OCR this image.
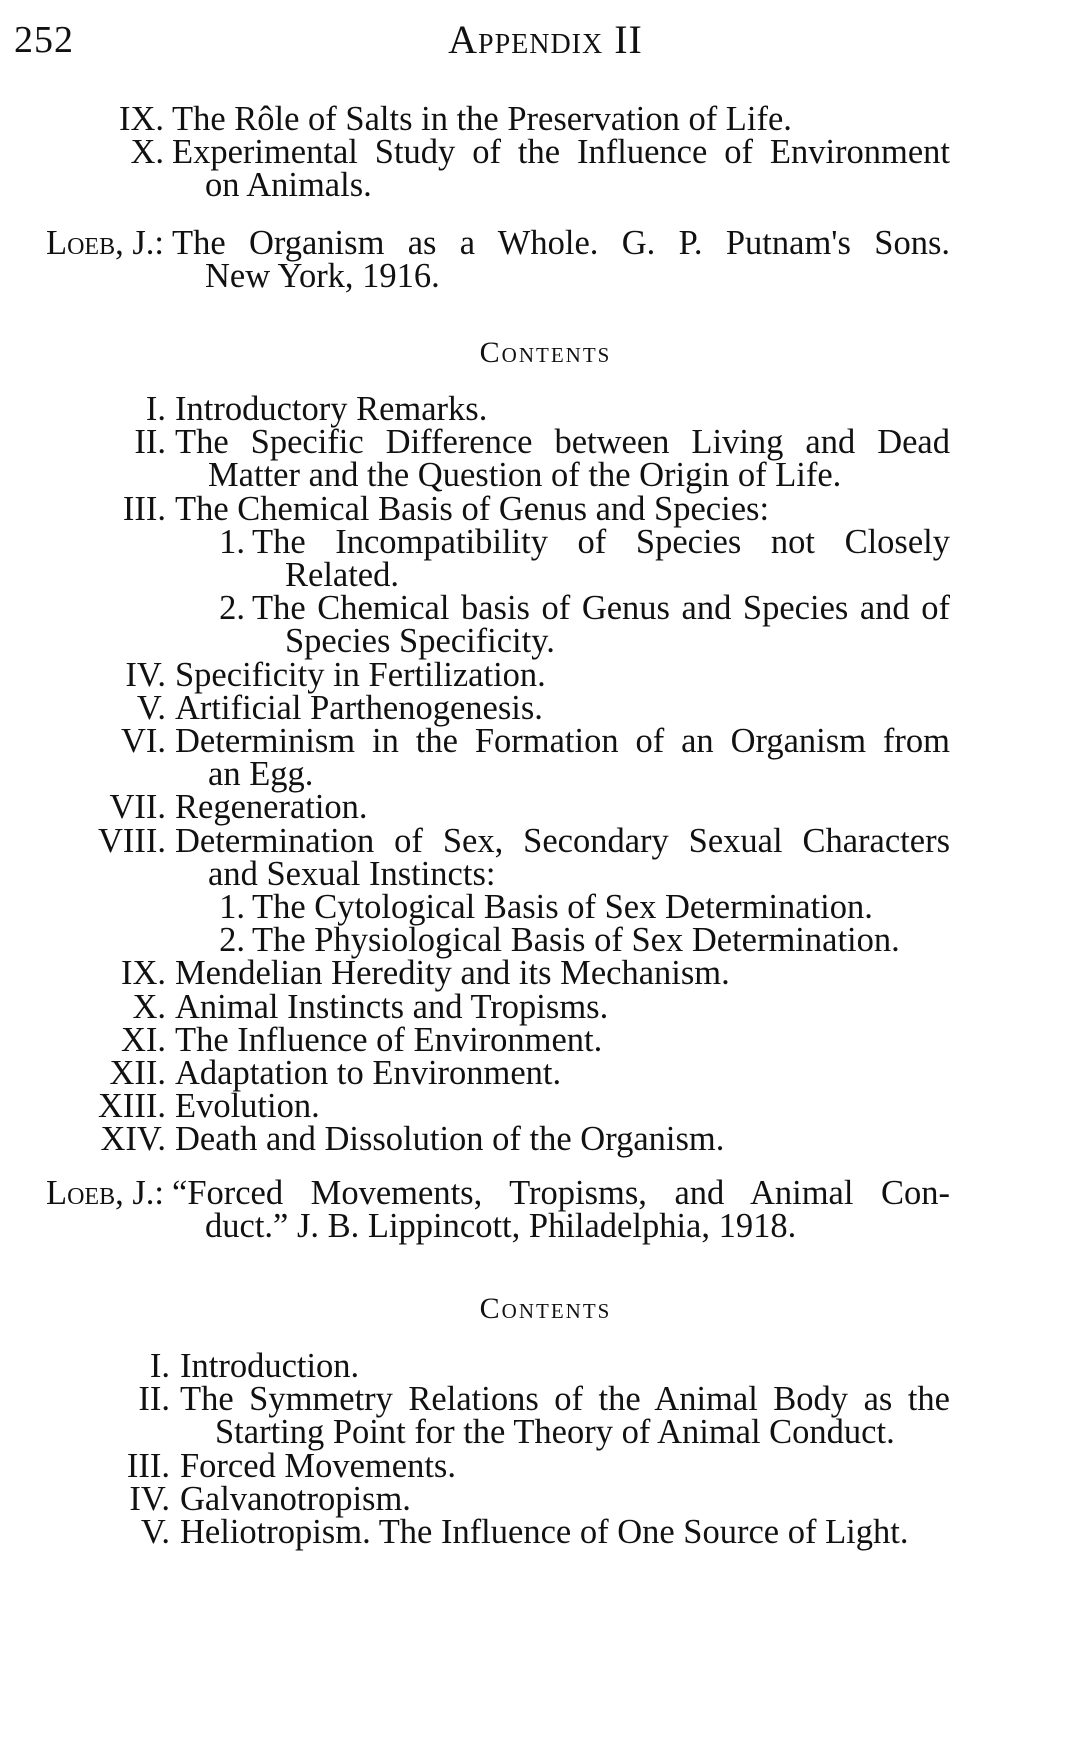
252	Appendix II
IX. The Rôle of Salts in the Preservation of Life.
X. Experimental Study of the Influence of Environment
on Animals.
Loeb, J.: The Organism as a Whole. G. P. Putnam's Sons.
New York, 1916.
Contents
I. Introductory Remarks.
II. The Specific Difference between Living and Dead
Matter and the Question of the Origin of Life.
III. The Chemical Basis of Genus and Species:
1. The Incompatibility of Species not Closely
Related.
2. The Chemical basis of Genus and Species and of
Species Specificity.
IV. Specificity in Fertilization.
V. Artificial Parthenogenesis.
VI. Determinism in the Formation of an Organism from
an Egg.
VII. Regeneration.
VIII. Determination of Sex, Secondary Sexual Characters
and Sexual Instincts:
1. The Cytological Basis of Sex Determination.
2. The Physiological Basis of Sex Determination.
IX. Mendelian Heredity and its Mechanism.
X. Animal Instincts and Tropisms.
XI. The Influence of Environment.
XII. Adaptation to Environment.
XIII. Evolution.
XIV. Death and Dissolution of the Organism.
Loeb, J.: “Forced Movements, Tropisms, and Animal Con-
duct.” J. B. Lippincott, Philadelphia, 1918.
Contents
I. Introduction.
II. The Symmetry Relations of the Animal Body as the
Starting Point for the Theory of Animal Conduct.
III. Forced Movements.
IV. Galvanotropism.
V. Heliotropism. The Influence of One Source of Light.
